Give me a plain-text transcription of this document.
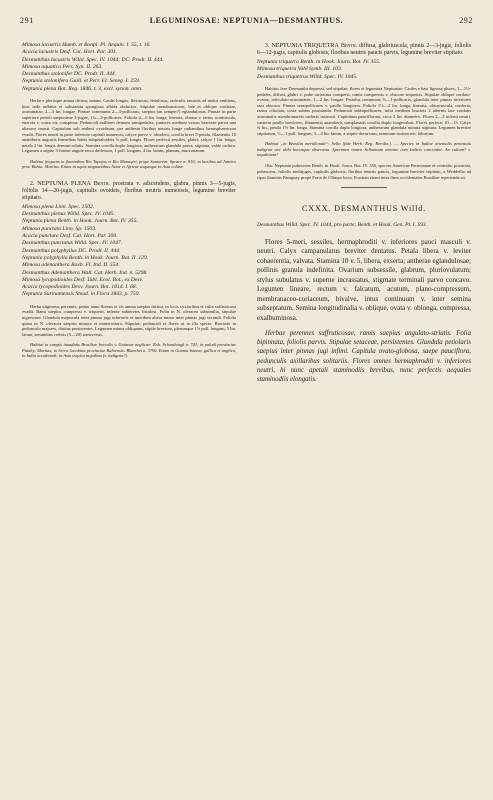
291	LEGUMINOSAE: NEPTUNIA—DESMANTHUS.	292

Mimosa lacustris Humb. et Bonpl. Pl. Aequin. I. 55, t. 16.

Acacia lacustris Desf. Cat. Hort. Par. 301.

Desmanthus lacustris Willd. Spec. IV. 1044; DC. Prodr. II. 444.

Mimosa aquatica Pers. Syn. II. 263.

Desmanthus stolonifer DC. Prodr. II. 444.

Neptunia stolonifera Guill. et Perr. Fl. Seneg. I. 259.

Neptunia plena Bot. Reg. 1846. t. 3, excl. synon. omn.

Herba e plerisque annua dicitur, natans. Caulis longus, flexuosus, fistulosus, radiculis ramosis ad nodos emittens, hinc inde inflatus et substantia spongiosa albida obductus. Stipulae membranaceae, late et oblique cordatae, acuminatae, 2—3 lin. longae. Pinnae communis 2—3-pollicaris, saepius (an semper?) eglandulosus. Pinnae in parte superiore petioli saepissime 3-jugae, 1¼—2-pollicares. Foliola 4—6 lin. longa, linearia, obtusa v. rarius acutiuscula, enervia v. costa vix conspicua. Pedunculi axillares demum semipedales, juniores medium versus bracteae parva una alterave onusti. Capitulum sub anthesi ovoideum, per anthesin floribus neutris longe radiantibus hemisphaericum evadit. Flores neutri in parte inferiore capituli numerosi, calyce parvo v. obsoleto, corolla brevi 5-petala, filamentis 10 anantheris angustis linearibus luteis subpetaloideis ¾ poll. longis. Flores perfecti sessiles, glabri, calyce 1 lin. longo, petala 2 lin. longis demum solutis. Stamina corolla duplo longiora; antherarum glandula parva, stipitata, valde caduca. Legumen a stipite 3-lineari angule recto deflexum, 1 poll. longum, 4 lin. latum, planum, mucronatum.

Habitat frequens in fluminibus Rio Tapajos et Rio Manaqiri, prope Santarem: Spruce n. 816; in lacubus ad Janeiro prov. Bahia: Martius. Etiam in aquis stagnantibus Asiae et Africae usquaque in Asia colitur.

2. NEPTUNIA PLENA Benth. prostrata v. adscendens, glabra, pinnis 3—5-jugis, foliolis 14—20-jugis, capitulis ovoideis, floribus neutris numerosis, legumine breviter stipitato.

Mimosa plena Linn. Spec. 1502.

Desmanthus plenus Willd. Spec. IV. 1045.

Neptunia plena Benth. in Hook. Journ. Bot. IV. 355.

Mimosa punctata Linn. Sp. 1503.

Acacia punctata Desf. Cat. Hort. Par. 300.

Desmanthus punctatus Willd. Spec. IV. 1047.

Desmanthus polyphyllus DC. Prodr. II. 444.

Neptunia polyphylla Benth. in Hook. Journ. Bot. II. 129.

Mimosa adenanthera Roxb. Fl. Ind. II. 554.

Desmanthus Adenanthera Wall. Cat. Herb. Ind. n. 5298.

Mimosa lycopodioides Desf. Tabl. Ecol. Bot., ex Desv.

Acacia lycopodioides Desv. Journ. Bot. 1814. I. 68.

Neptunia Surinamensis Steud. in Flora 1843. p. 759.

Herba uliginosa, perennis, primo anno florens et sic annua saepius dicitur, in locis siccioribus et culta suffruticosa evadit. Rami saepius compressi v. triquetri, inferne subteretes fistulosi. Folia in N. oleracea subsimilia, stipulae nigrescunt. Glandula majuscula inter pinnas jugi inferioris et interdum altera minor inter pinnas jugi secundi. Foliola quam in N. oleracea saepius minora et numerosiora. Stipulae, pedunculi et flores ut in illa specie. Bracteae in pedunculo majores, diutius persistentes. Legumen minus obliquum, stipite breviore, plerumque 1½ poll. longum, 5 lin. latum, seminibus crebris (5—20) transversis.

Habitat in campis inundatis Brasiliae borealis v. Guianae anglicae: Rob. Schomburgk n. 741; in paludi provinciae Piauhy; Martius; in Serra Jacobina provinciae Bahiensis: Blanchet n. 3790. Etiam in Guiana batava, gallica et anglica, in India occidentali; in Asia tropica inquilina (v. indigena?).

3. NEPTUNIA TRIQUETRA Benth. diffusa, glabriuscula, pinnis 2—3-jugis, foliolis 6—12-jugis, capitulis globosis, floribus neutris paucis parvis, legumine breviter stipitato.

Neptunia triquetra Benth. in Hook. Journ. Bot. IV. 355.

Mimosa triquetra Vahl Symb. III. 103.

Desmanthus triquetrus Willd. Spec. IV. 1045.

Habitus fere Desmanthi depressi, sed stipulae, flores et legumina Neptuniae. Caules e basi lignosa plures, 1—1½-pedales, diffusi, glabri v. pube rarissima conspersi, ramis compressis v. obscure triquetris. Stipulae oblique cordato-ovatae, reticulato-acuminatae, 1—2 lin. longae. Petiolus communis ½—1-pollicaris, glandula inter pinnas inferiores rara obscura. Pinnae semipollicares v. paullo longiores. Foliola 1½—2 lin. longa, linearia, obtusiuscula, conferta, rarius ciliolata, costa subtus prominula. Pedunculi subbipollicares, infra medium bracteis 2 alternis late cordatis acuminatis membranaceis caducis instructi. Capitulum pauciflorum, circa 3 lin. diametro. Flores 2—3 inferni neutri, casterin paullo breviores, filamentis anantheris complanatis corolla duplo longioribus. Flores perfecti 10—15. Calyx ¾ lin., petala 1½ lin. longa. Stamina corolla duplo longiora, antherarum glandula minuta stipitata. Legumen breviter stipitatum, ½—1 poll. longum, 3—4 lin. latum, a stipite decurvum, seminum rostum nec falcatum.

Habitat „in Brasilia meridionali“: Sello (fide Herb. Reg. Berolin.). — Species in Indiae orientalis peninsula indigena nec alibi hucusque observata. Specimen tamen Selloanum omnino cum Indicis concordat. An cultum? v. inquilinum?

Obs. Neptunia pubescens Benth. in Hook. Journ. Bot. IV. 356, species Americae Peruvianae et centralis: prostrata, pubescens, foliolis multijugis, capitulis globosis, floribus neutris paucis, legumine breviter stipitato, a Weddellio ad ripas fluminis Paraguay prope Forte de Olimpo lecta. Forsitan etiam intra fines occidentales Brasiliae reperienda sit.

CXXX. DESMANTHUS Willd.

Desmanthus Willd. Spec. IV. 1044, pro parte; Benth. et Hook. Gen. Pl. I. 593.

Flores 5-meri, sessiles, hermaphroditi v. inferiores pauci masculi v. neutri. Calyx campanulatus breviter dentatus. Petala libera v. leviter cohaerentia, valvata. Stamina 10 v. 5, libera, exserta; antherae eglandulosae; pollinis granula indefinita. Ovarium subsessile, glabrum, pluriovulatum; stylus subulatus v. superne incrassatus, stigmate terminali parvo concavo. Legumen lineare, rectum v. falcatum, acutum, plano-compressum, membranaceo-coriaceum, bivalve, intus continuum v. inter semina subseptatum. Semina longitudinalia v. oblique, ovata v. oblonga, compressa, exalbuminosa.

Herbae perennes suffruticosae, ramis saepius angulato-striatis. Folia bipinnata, foliolis parvis. Stipulae setaceae, persistentes. Glandula petiolaris saepius inter pinnas jugi infimi. Capitula ovato-globosa, saepe pauciflora, pedunculis axillaribus solitariis. Flores omnes hermaphroditi v. inferiores neutri, hi nunc apetali staminodiis brevibus, nunc perfectis aequales staminodiis elongatis.
